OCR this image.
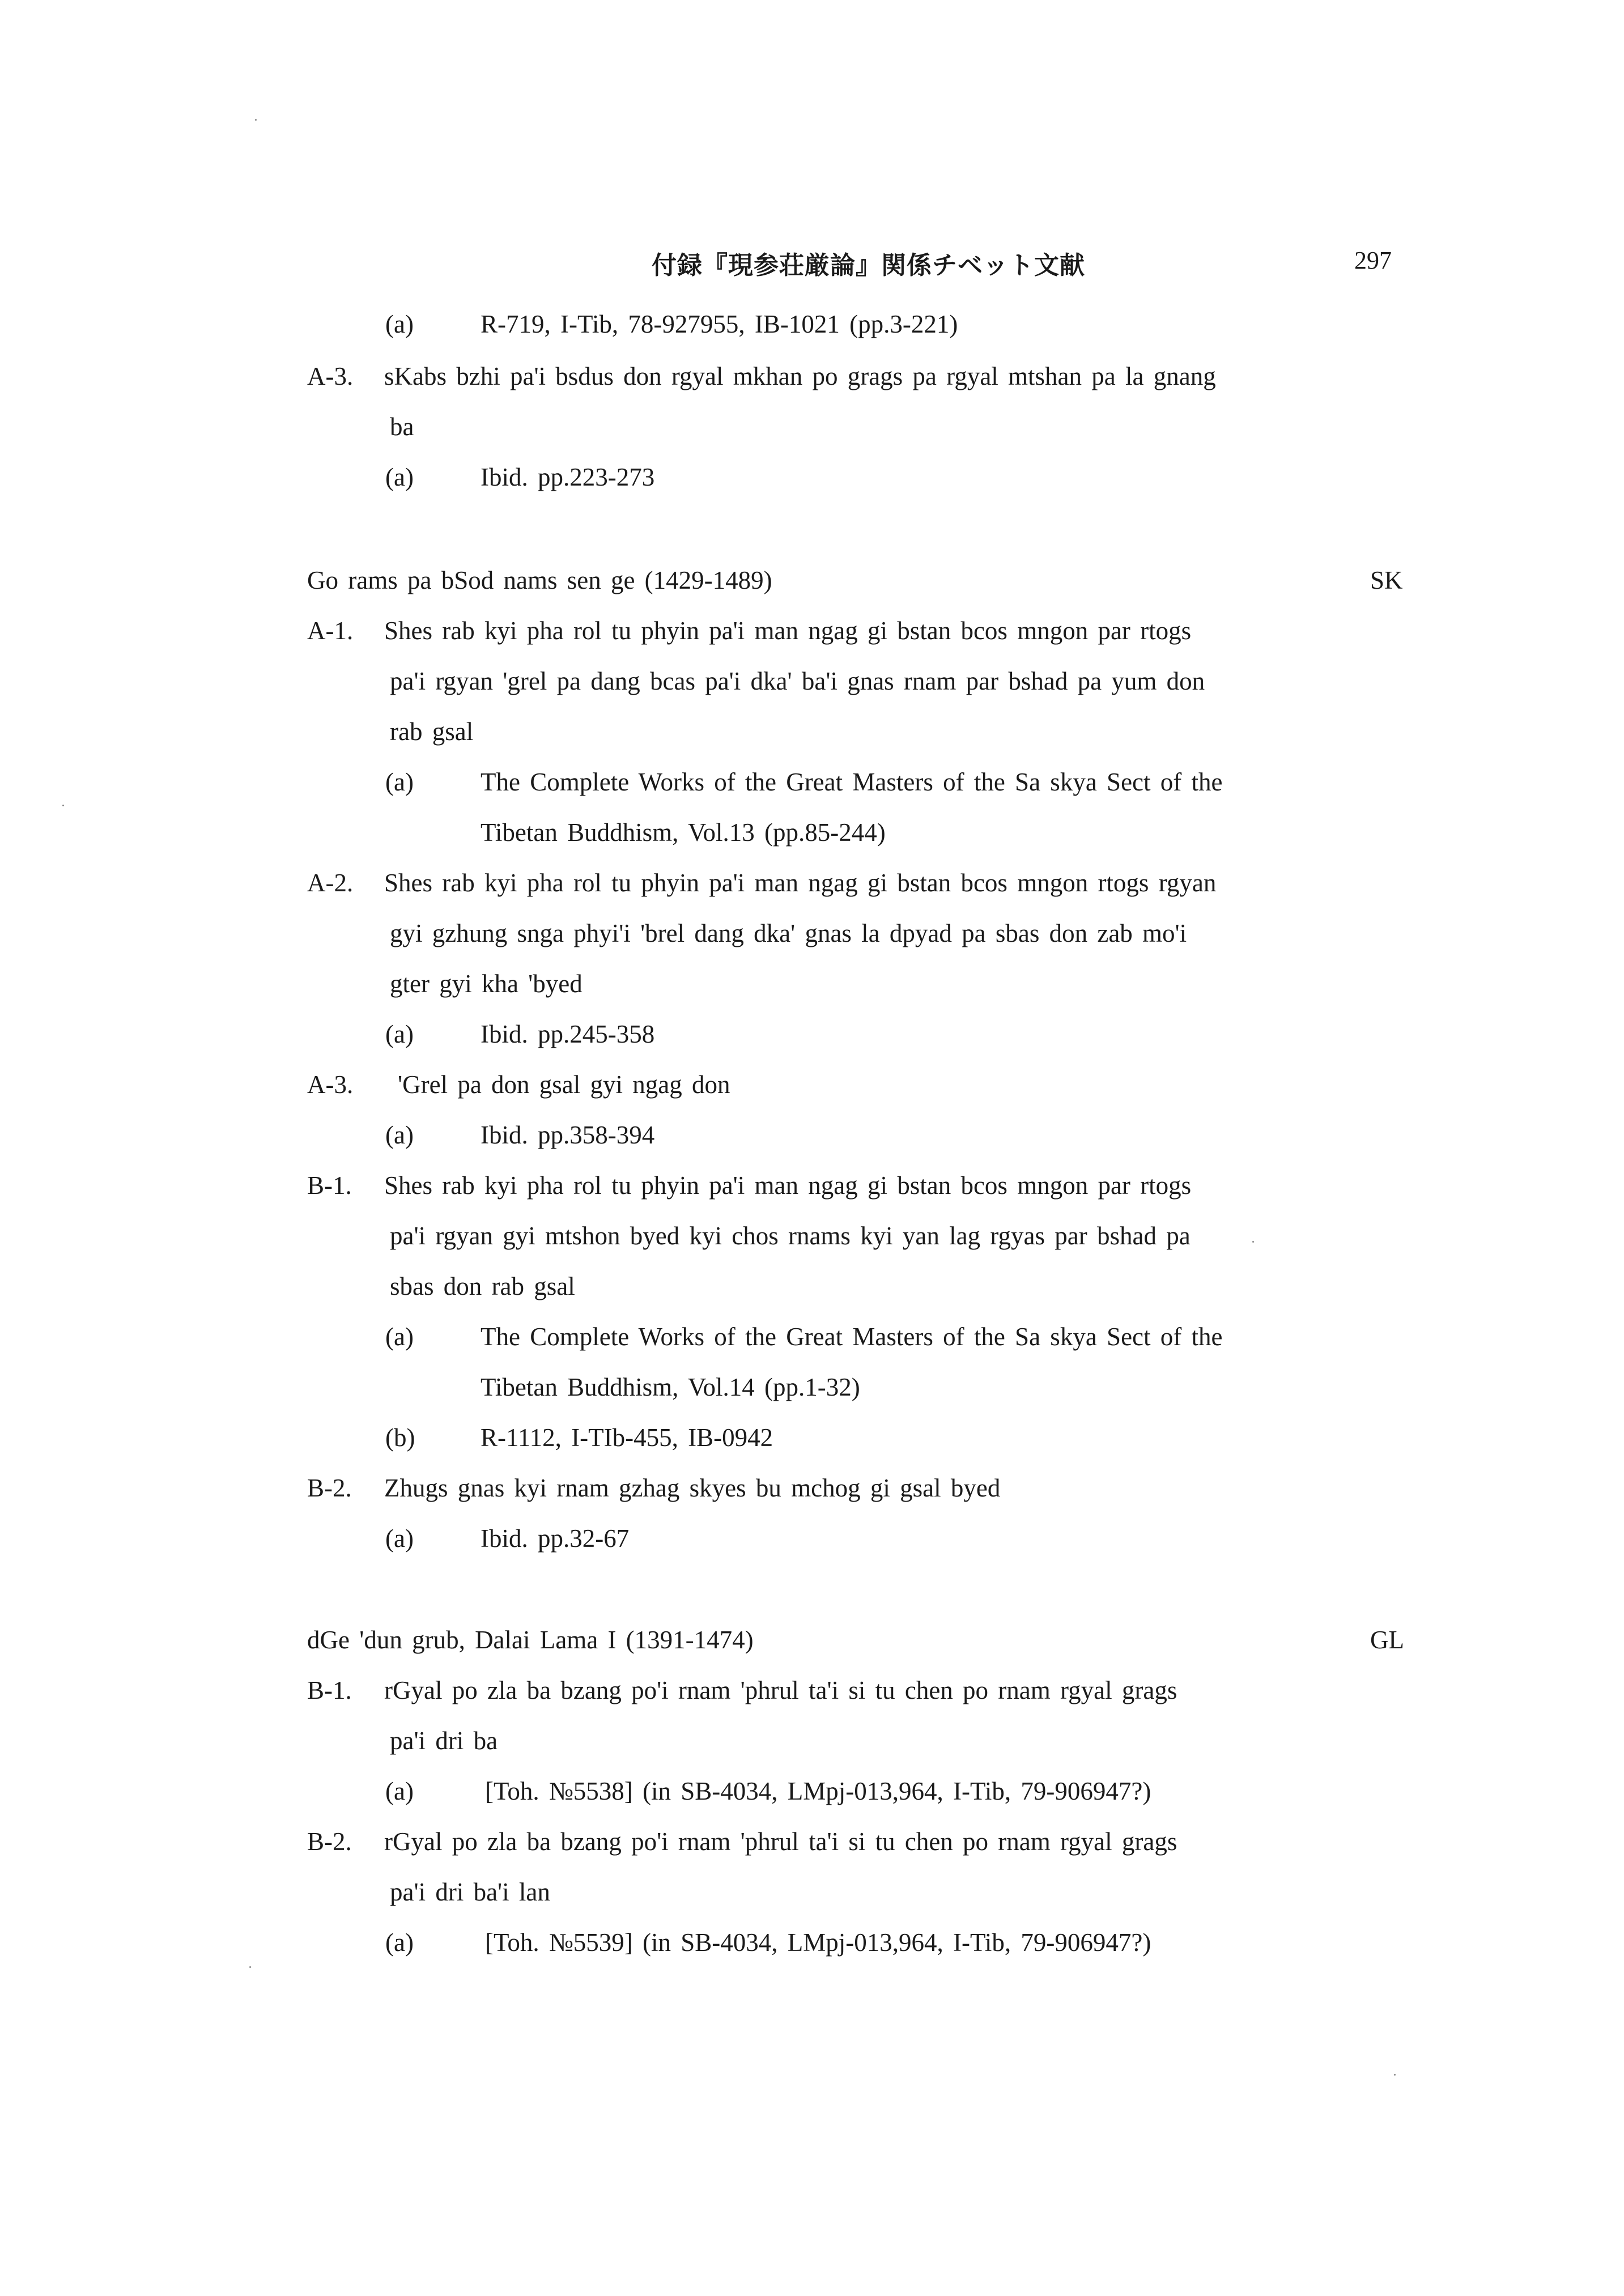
付録『現参荘厳論』関係チベット文献	297
(a)	R-719, I-Tib, 78-927955, IB-1021 (pp.3-221)
A-3. sKabs bzhi pa'i bsdus don rgyal mkhan po grags pa rgyal mtshan pa la gnang
ba
(a)	Ibid. pp.223-273
Go rams pa bSod nams sen ge (1429-1489)	SK
A-1. Shes rab kyi pha rol tu phyin pa'i man ngag gi bstan bcos mngon par rtogs
pa'i rgyan 'grel pa dang bcas pa'i dka' ba'i gnas rnam par bshad pa yum don
rab gsal
(a)	The Complete Works of the Great Masters of the Sa skya Sect of the
Tibetan Buddhism, Vol.13 (pp.85-244)
A-2. Shes rab kyi pha rol tu phyin pa'i man ngag gi bstan bcos mngon rtogs rgyan
gyi gzhung snga phyi'i 'brel dang dka' gnas la dpyad pa sbas don zab mo'i
gter gyi kha 'byed
(a)	Ibid. pp.245-358
A-3. 'Grel pa don gsal gyi ngag don
(a)	Ibid. pp.358-394
B-1. Shes rab kyi pha rol tu phyin pa'i man ngag gi bstan bcos mngon par rtogs
pa'i rgyan gyi mtshon byed kyi chos rnams kyi yan lag rgyas par bshad pa
sbas don rab gsal
(a)	The Complete Works of the Great Masters of the Sa skya Sect of the
Tibetan Buddhism, Vol.14 (pp.1-32)
(b)	R-1112, I-TIb-455, IB-0942
B-2. Zhugs gnas kyi rnam gzhag skyes bu mchog gi gsal byed
(a)	Ibid. pp.32-67
dGe 'dun grub, Dalai Lama I (1391-1474)	GL
B-1. rGyal po zla ba bzang po'i rnam 'phrul ta'i si tu chen po rnam rgyal grags
pa'i dri ba
(a)	[Toh. №5538] (in SB-4034, LMpj-013,964, I-Tib, 79-906947?)
B-2. rGyal po zla ba bzang po'i rnam 'phrul ta'i si tu chen po rnam rgyal grags
pa'i dri ba'i lan
(a)	[Toh. №5539] (in SB-4034, LMpj-013,964, I-Tib, 79-906947?)
